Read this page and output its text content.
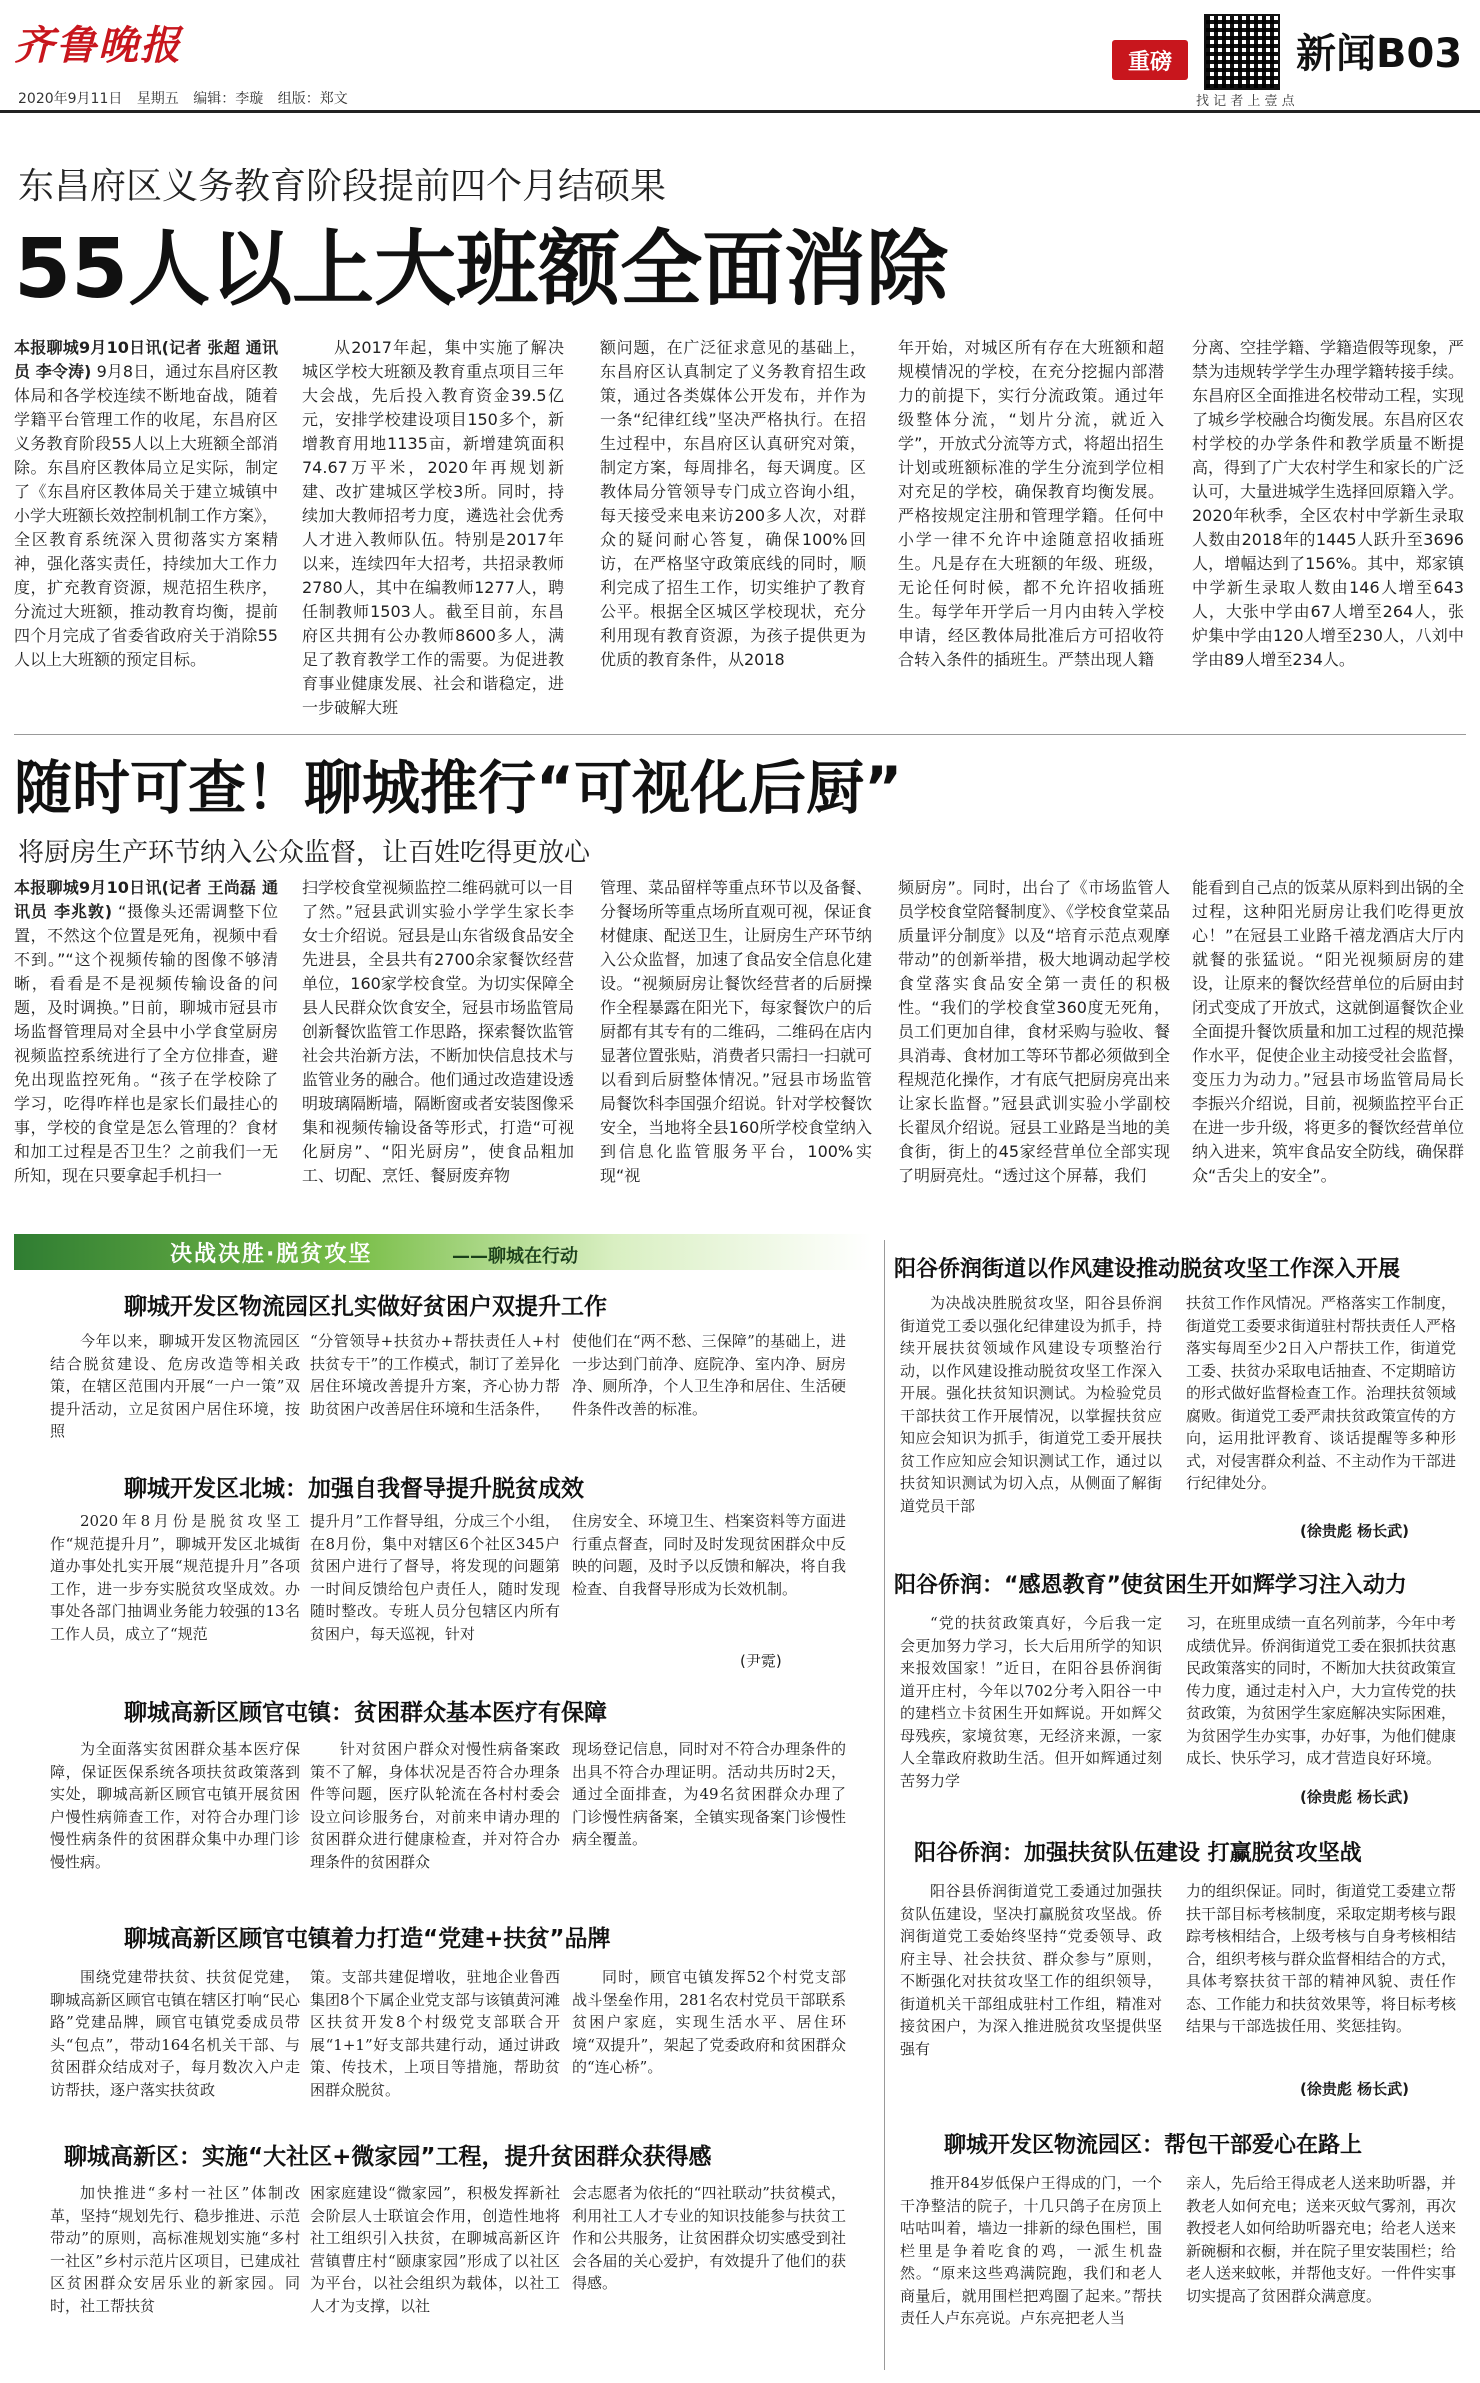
齐鲁晚报
2020年9月11日 星期五 编辑：李璇 组版：郑文
重磅
找 记 者 上 壹 点
新闻B03
东昌府区义务教育阶段提前四个月结硕果
55人以上大班额全面消除

本报聊城9月10日讯(记者 张超 通讯员 李令涛) 9月8日，通过东昌府区教体局和各学校连续不断地奋战，随着学籍平台管理工作的收尾，东昌府区义务教育阶段55人以上大班额全部消除。东昌府区教体局立足实际，制定了《东昌府区教体局关于建立城镇中小学大班额长效控制机制工作方案》，全区教育系统深入贯彻落实方案精神，强化落实责任，持续加大工作力度，扩充教育资源，规范招生秩序，分流过大班额，推动教育均衡，提前四个月完成了省委省政府关于消除55人以上大班额的预定目标。

从2017年起，集中实施了解决城区学校大班额及教育重点项目三年大会战，先后投入教育资金39.5亿元，安排学校建设项目150多个，新增教育用地1135亩，新增建筑面积74.67万平米，2020年再规划新建、改扩建城区学校3所。同时，持续加大教师招考力度，遴选社会优秀人才进入教师队伍。特别是2017年以来，连续四年大招考，共招录教师2780人，其中在编教师1277人，聘任制教师1503人。截至目前，东昌府区共拥有公办教师8600多人，满足了教育教学工作的需要。为促进教育事业健康发展、社会和谐稳定，进一步破解大班

额问题，在广泛征求意见的基础上，东昌府区认真制定了义务教育招生政策，通过各类媒体公开发布，并作为一条“纪律红线”坚决严格执行。在招生过程中，东昌府区认真研究对策，制定方案，每周排名，每天调度。区教体局分管领导专门成立咨询小组，每天接受来电来访200多人次，对群众的疑问耐心答复，确保100%回访，在严格坚守政策底线的同时，顺利完成了招生工作，切实维护了教育公平。根据全区城区学校现状，充分利用现有教育资源，为孩子提供更为优质的教育条件，从2018

年开始，对城区所有存在大班额和超规模情况的学校，在充分挖掘内部潜力的前提下，实行分流政策。通过年级整体分流，“划片分流，就近入学”，开放式分流等方式，将超出招生计划或班额标准的学生分流到学位相对充足的学校，确保教育均衡发展。严格按规定注册和管理学籍。任何中小学一律不允许中途随意招收插班生。凡是存在大班额的年级、班级，无论任何时候，都不允许招收插班生。每学年开学后一月内由转入学校申请，经区教体局批准后方可招收符合转入条件的插班生。严禁出现人籍

分离、空挂学籍、学籍造假等现象，严禁为违规转学学生办理学籍转接手续。东昌府区全面推进名校带动工程，实现了城乡学校融合均衡发展。东昌府区农村学校的办学条件和教学质量不断提高，得到了广大农村学生和家长的广泛认可，大量进城学生选择回原籍入学。2020年秋季，全区农村中学新生录取人数由2018年的1445人跃升至3696人，增幅达到了156%。其中，郑家镇中学新生录取人数由146人增至643人，大张中学由67人增至264人，张炉集中学由120人增至230人，八刘中学由89人增至234人。

随时可查！聊城推行“可视化后厨”
将厨房生产环节纳入公众监督，让百姓吃得更放心

本报聊城9月10日讯(记者 王尚磊 通讯员 李兆敦) “摄像头还需调整下位置，不然这个位置是死角，视频中看不到。”“这个视频传输的图像不够清晰，看看是不是视频传输设备的问题，及时调换。”日前，聊城市冠县市场监督管理局对全县中小学食堂厨房视频监控系统进行了全方位排查，避免出现监控死角。“孩子在学校除了学习，吃得咋样也是家长们最挂心的事，学校的食堂是怎么管理的？食材和加工过程是否卫生？之前我们一无所知，现在只要拿起手机扫一

扫学校食堂视频监控二维码就可以一目了然。”冠县武训实验小学学生家长李女士介绍说。冠县是山东省级食品安全先进县，全县共有2700余家餐饮经营单位，160家学校食堂。为切实保障全县人民群众饮食安全，冠县市场监管局创新餐饮监管工作思路，探索餐饮监管社会共治新方法，不断加快信息技术与监管业务的融合。他们通过改造建设透明玻璃隔断墙，隔断窗或者安装图像采集和视频传输设备等形式，打造“可视化厨房”、“阳光厨房”，使食品粗加工、切配、烹饪、餐厨废弃物

管理、菜品留样等重点环节以及备餐、分餐场所等重点场所直观可视，保证食材健康、配送卫生，让厨房生产环节纳入公众监督，加速了食品安全信息化建设。“视频厨房让餐饮经营者的后厨操作全程暴露在阳光下，每家餐饮户的后厨都有其专有的二维码，二维码在店内显著位置张贴，消费者只需扫一扫就可以看到后厨整体情况。”冠县市场监管局餐饮科李国强介绍说。针对学校餐饮安全，当地将全县160所学校食堂纳入到信息化监管服务平台，100%实现“视

频厨房”。同时，出台了《市场监管人员学校食堂陪餐制度》、《学校食堂菜品质量评分制度》以及“培育示范点观摩带动”的创新举措，极大地调动起学校食堂落实食品安全第一责任的积极性。“我们的学校食堂360度无死角，员工们更加自律，食材采购与验收、餐具消毒、食材加工等环节都必须做到全程规范化操作，才有底气把厨房亮出来让家长监督。”冠县武训实验小学副校长翟凤介绍说。冠县工业路是当地的美食街，街上的45家经营单位全部实现了明厨亮灶。“透过这个屏幕，我们

能看到自己点的饭菜从原料到出锅的全过程，这种阳光厨房让我们吃得更放心！”在冠县工业路千禧龙酒店大厅内就餐的张猛说。“阳光视频厨房的建设，让原来的餐饮经营单位的后厨由封闭式变成了开放式，这就倒逼餐饮企业全面提升餐饮质量和加工过程的规范操作水平，促使企业主动接受社会监督，变压力为动力。”冠县市场监管局局长李振兴介绍说，目前，视频监控平台正在进一步升级，将更多的餐饮经营单位纳入进来，筑牢食品安全防线，确保群众“舌尖上的安全”。

决战决胜·脱贫攻坚	——聊城在行动
聊城开发区物流园区扎实做好贫困户双提升工作

今年以来，聊城开发区物流园区结合脱贫建设、危房改造等相关政策，在辖区范围内开展“一户一策”双提升活动，立足贫困户居住环境，按照

“分管领导+扶贫办+帮扶责任人+村扶贫专干”的工作模式，制订了差异化居住环境改善提升方案，齐心协力帮助贫困户改善居住环境和生活条件，

使他们在“两不愁、三保障”的基础上，进一步达到门前净、庭院净、室内净、厨房净、厕所净，个人卫生净和居住、生活硬件条件改善的标准。

聊城开发区北城：加强自我督导提升脱贫成效

2020年8月份是脱贫攻坚工作“规范提升月”，聊城开发区北城街道办事处扎实开展“规范提升月”各项工作，进一步夯实脱贫攻坚成效。办事处各部门抽调业务能力较强的13名工作人员，成立了“规范

提升月”工作督导组，分成三个小组，在8月份，集中对辖区6个社区345户贫困户进行了督导，将发现的问题第一时间反馈给包户责任人，随时发现随时整改。专班人员分包辖区内所有贫困户，每天巡视，针对

住房安全、环境卫生、档案资料等方面进行重点督查，同时及时发现贫困群众中反映的问题，及时予以反馈和解决，将自我检查、自我督导形成为长效机制。

(尹霓)
聊城高新区顾官屯镇：贫困群众基本医疗有保障

为全面落实贫困群众基本医疗保障，保证医保系统各项扶贫政策落到实处，聊城高新区顾官屯镇开展贫困户慢性病筛查工作，对符合办理门诊慢性病条件的贫困群众集中办理门诊慢性病。

针对贫困户群众对慢性病备案政策不了解，身体状况是否符合办理条件等问题，医疗队轮流在各村村委会设立问诊服务台，对前来申请办理的贫困群众进行健康检查，并对符合办理条件的贫困群众

现场登记信息，同时对不符合办理条件的出具不符合办理证明。活动共历时2天，通过全面排查，为49名贫困群众办理了门诊慢性病备案，全镇实现备案门诊慢性病全覆盖。

聊城高新区顾官屯镇着力打造“党建+扶贫”品牌

围绕党建带扶贫、扶贫促党建，聊城高新区顾官屯镇在辖区打响“民心路”党建品牌，顾官屯镇党委成员带头“包点”，带动164名机关干部、与贫困群众结成对子，每月数次入户走访帮扶，逐户落实扶贫政

策。支部共建促增收，驻地企业鲁西集团8个下属企业党支部与该镇黄河滩区扶贫开发8个村级党支部联合开展“1+1”好支部共建行动，通过讲政策、传技术，上项目等措施，帮助贫困群众脱贫。

同时，顾官屯镇发挥52个村党支部战斗堡垒作用，281名农村党员干部联系贫困户家庭，实现生活水平、居住环境“双提升”，架起了党委政府和贫困群众的“连心桥”。

聊城高新区：实施“大社区+微家园”工程，提升贫困群众获得感

加快推进“多村一社区”体制改革，坚持“规划先行、稳步推进、示范带动”的原则，高标准规划实施“多村一社区”乡村示范片区项目，已建成社区贫困群众安居乐业的新家园。同时，社工帮扶贫

困家庭建设“微家园”，积极发挥新社会阶层人士联谊会作用，创造性地将社工组织引入扶贫，在聊城高新区许营镇曹庄村“颐康家园”形成了以社区为平台，以社会组织为载体，以社工人才为支撑，以社

会志愿者为依托的“四社联动”扶贫模式，利用社工人才专业的知识技能参与扶贫工作和公共服务，让贫困群众切实感受到社会各届的关心爱护，有效提升了他们的获得感。

阳谷侨润街道以作风建设推动脱贫攻坚工作深入开展

为决战决胜脱贫攻坚，阳谷县侨润街道党工委以强化纪律建设为抓手，持续开展扶贫领域作风建设专项整治行动，以作风建设推动脱贫攻坚工作深入开展。强化扶贫知识测试。为检验党员干部扶贫工作开展情况，以掌握扶贫应知应会知识为抓手，街道党工委开展扶贫工作应知应会知识测试工作，通过以扶贫知识测试为切入点，从侧面了解街道党员干部

扶贫工作作风情况。严格落实工作制度，街道党工委要求街道驻村帮扶责任人严格落实每周至少2日入户帮扶工作，街道党工委、扶贫办采取电话抽查、不定期暗访的形式做好监督检查工作。治理扶贫领域腐败。街道党工委严肃扶贫政策宣传的方向，运用批评教育、谈话提醒等多种形式，对侵害群众利益、不主动作为干部进行纪律处分。

(徐贵彪 杨长武)
阳谷侨润：“感恩教育”使贫困生开如辉学习注入动力

“党的扶贫政策真好，今后我一定会更加努力学习，长大后用所学的知识来报效国家！”近日，在阳谷县侨润街道开庄村，今年以702分考入阳谷一中的建档立卡贫困生开如辉说。开如辉父母残疾，家境贫寒，无经济来源，一家人全靠政府救助生活。但开如辉通过刻苦努力学

习，在班里成绩一直名列前茅，今年中考成绩优异。侨润街道党工委在狠抓扶贫惠民政策落实的同时，不断加大扶贫政策宣传力度，通过走村入户，大力宣传党的扶贫政策，为贫困学生家庭解决实际困难，为贫困学生办实事，办好事，为他们健康成长、快乐学习，成才营造良好环境。

(徐贵彪 杨长武)
阳谷侨润：加强扶贫队伍建设 打赢脱贫攻坚战

阳谷县侨润街道党工委通过加强扶贫队伍建设，坚决打赢脱贫攻坚战。侨润街道党工委始终坚持“党委领导、政府主导、社会扶贫、群众参与”原则，不断强化对扶贫攻坚工作的组织领导，街道机关干部组成驻村工作组，精准对接贫困户，为深入推进脱贫攻坚提供坚强有

力的组织保证。同时，街道党工委建立帮扶干部目标考核制度，采取定期考核与跟踪考核相结合，上级考核与自身考核相结合，组织考核与群众监督相结合的方式，具体考察扶贫干部的精神风貌、责任作态、工作能力和扶贫效果等，将目标考核结果与干部选拔任用、奖惩挂钩。

(徐贵彪 杨长武)
聊城开发区物流园区：帮包干部爱心在路上

推开84岁低保户王得成的门，一个干净整洁的院子，十几只鸽子在房顶上咕咕叫着，墙边一排新的绿色围栏，围栏里是争着吃食的鸡，一派生机盎然。“原来这些鸡满院跑，我们和老人商量后，就用围栏把鸡圈了起来。”帮扶责任人卢东亮说。卢东亮把老人当

亲人，先后给王得成老人送来助听器，并教老人如何充电；送来灭蚊气雾剂，再次教授老人如何给助听器充电；给老人送来新碗橱和衣橱，并在院子里安装围栏；给老人送来蚊帐，并帮他支好。一件件实事切实提高了贫困群众满意度。
